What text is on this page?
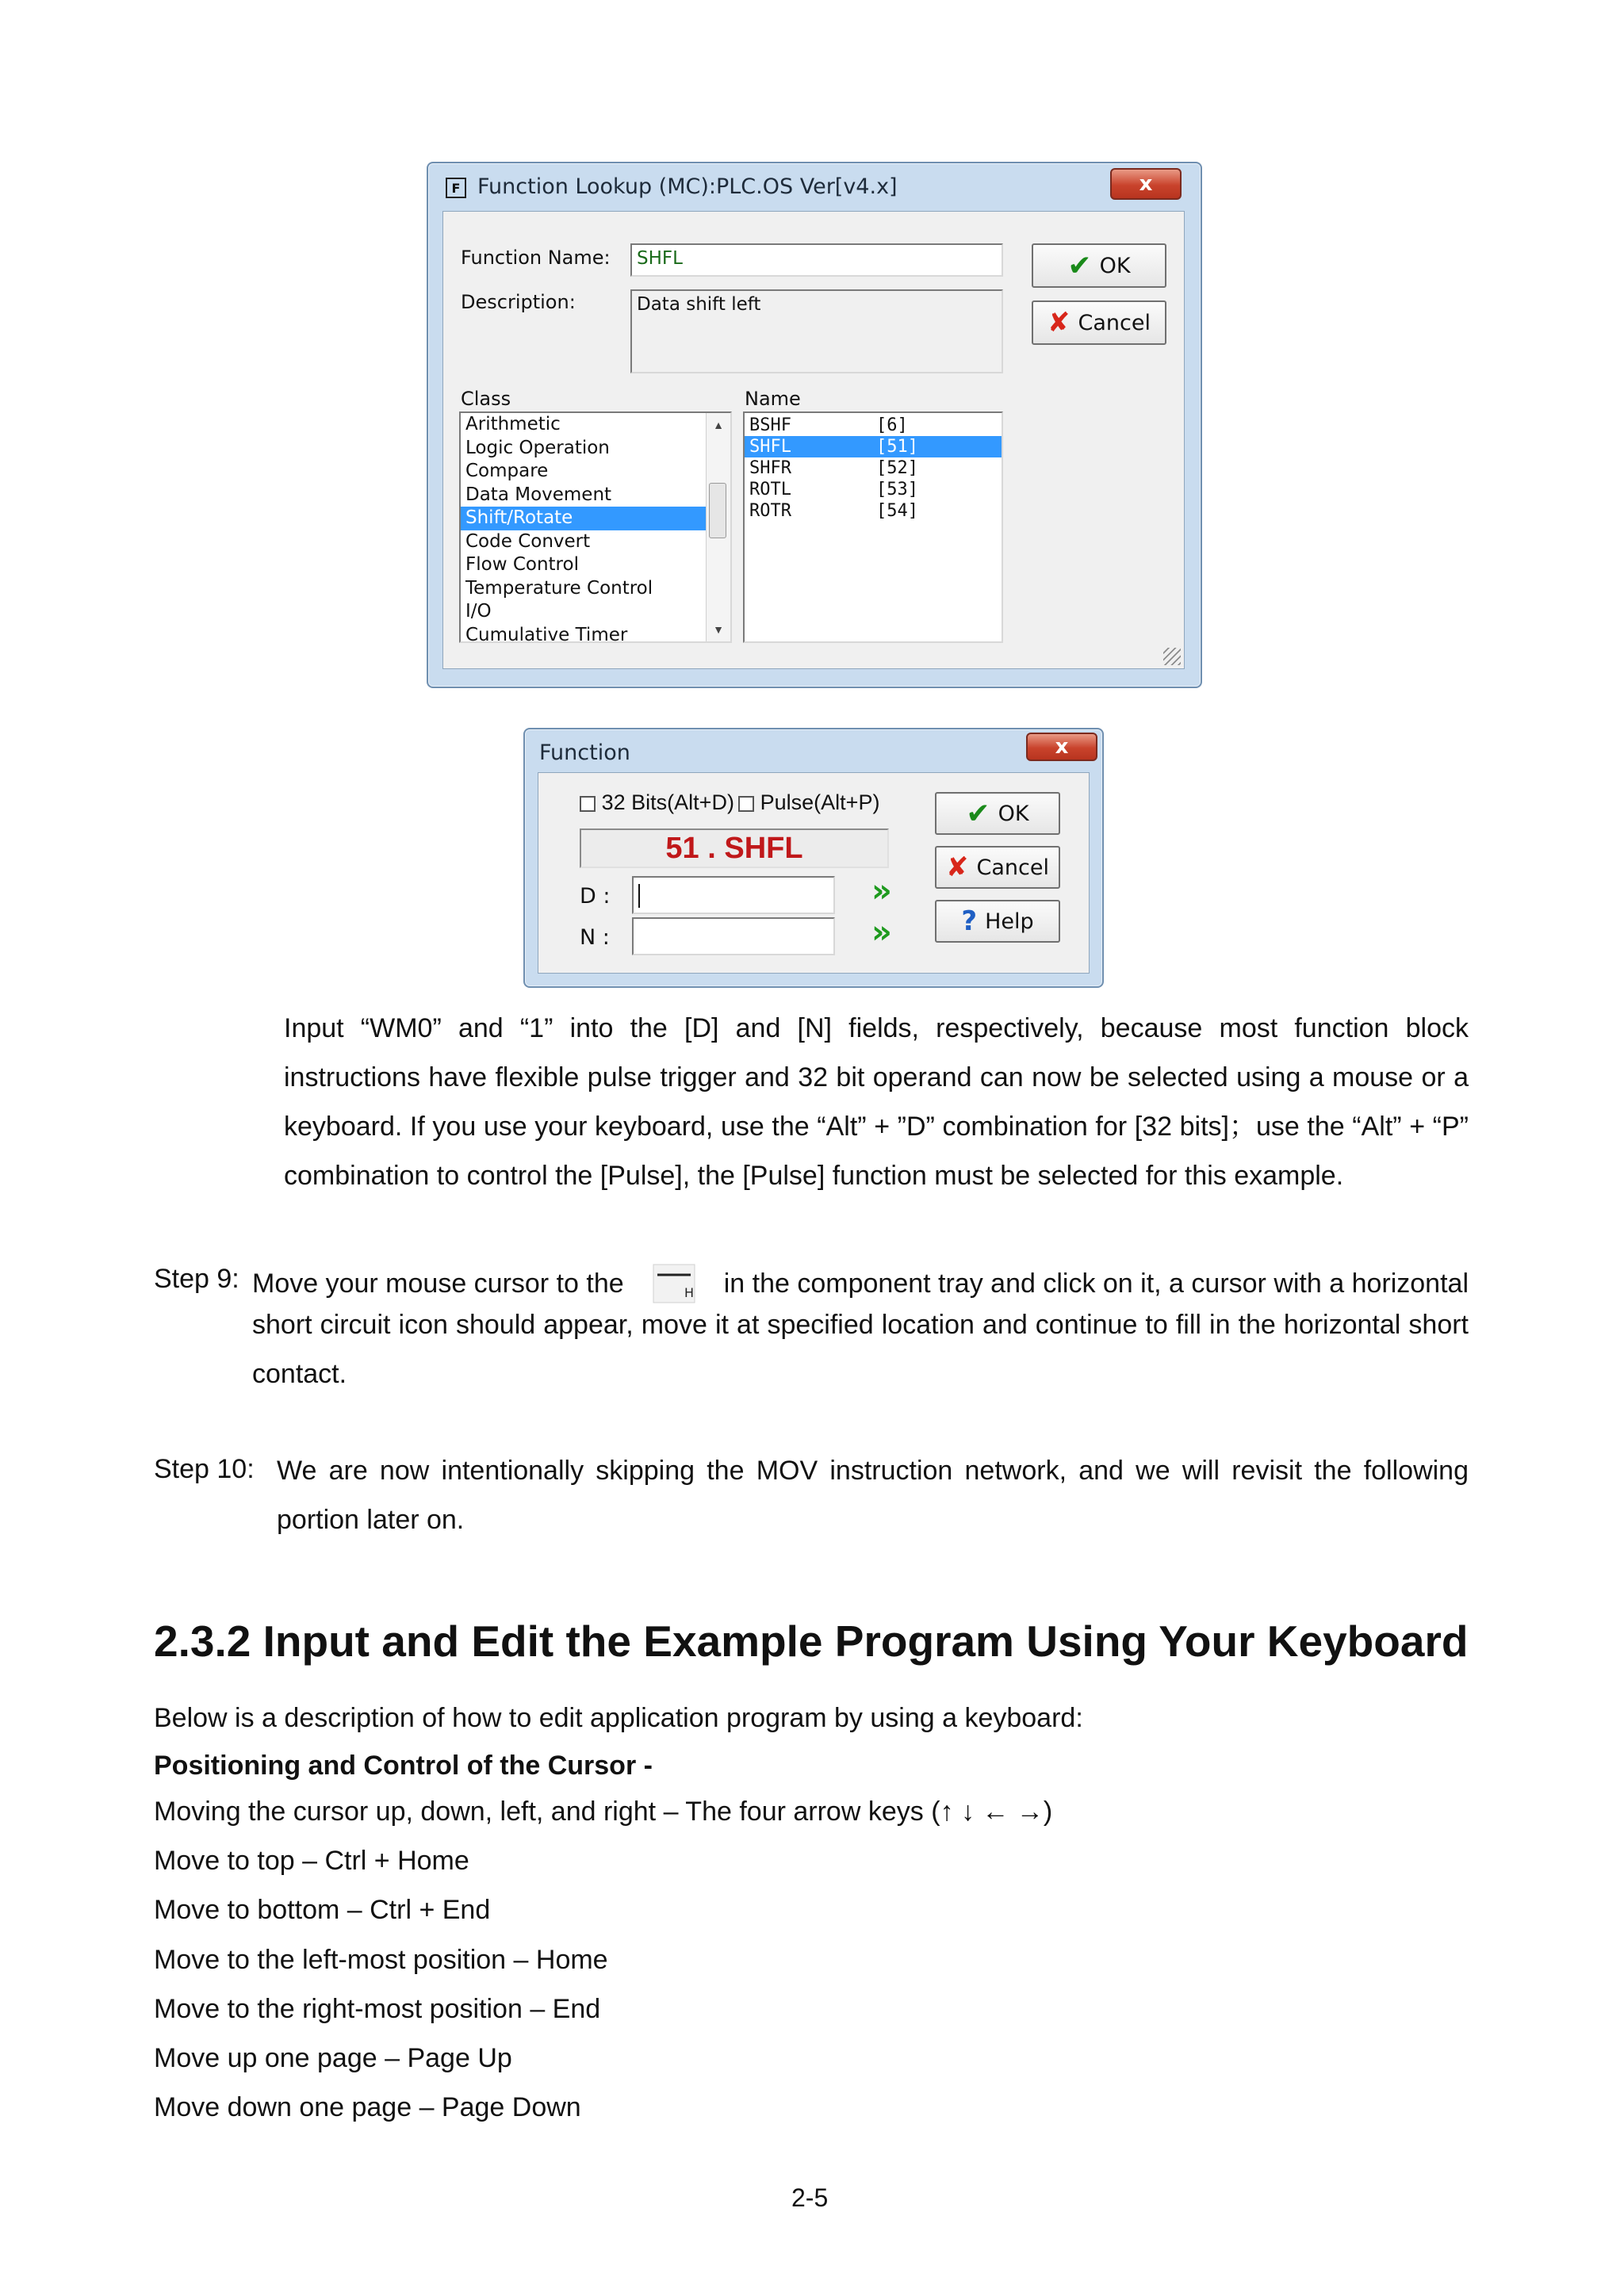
F Function Lookup (MC):PLC.OS Ver[v4.x]	x
Function Name:	SHFL
Description:	Data shift left
✔ OK
✘ Cancel
Class	Name
Arithmetic
Logic Operation
Compare
Data Movement
Shift/Rotate
Code Convert
Flow Control
Temperature Control
I/O
Cumulative Timer
▲
▼
BSHF	[6]
SHFL	[51]
SHFR	[52]
ROTL	[53]
ROTR	[54]
Function	x
32 Bits(Alt+D)	Pulse(Alt+P)
51 . SHFL
D :	»
N :	»
✔ OK
✘ Cancel
? Help
Input “WM0” and “1” into the [D] and [N] fields, respectively, because most function block instructions have flexible pulse trigger and 32 bit operand can now be selected using a mouse or a keyboard. If you use your keyboard, use the “Alt” + ”D” combination for [32 bits]；use the “Alt” + “P” combination to control the [Pulse], the [Pulse] function must be selected for this example.
Step 9: Move your mouse cursor to the	H in the component tray and click on it, a cursor with a horizontal
short circuit icon should appear, move it at specified location and continue to fill in the horizontal short contact.
Step 10: We are now intentionally skipping the MOV instruction network, and we will revisit the following portion later on.
2.3.2 Input and Edit the Example Program Using Your Keyboard
Below is a description of how to edit application program by using a keyboard:
Positioning and Control of the Cursor -
Moving the cursor up, down, left, and right – The four arrow keys (↑ ↓ ← →)
Move to top – Ctrl + Home
Move to bottom – Ctrl + End
Move to the left-most position – Home
Move to the right-most position – End
Move up one page – Page Up
Move down one page – Page Down
2-5
